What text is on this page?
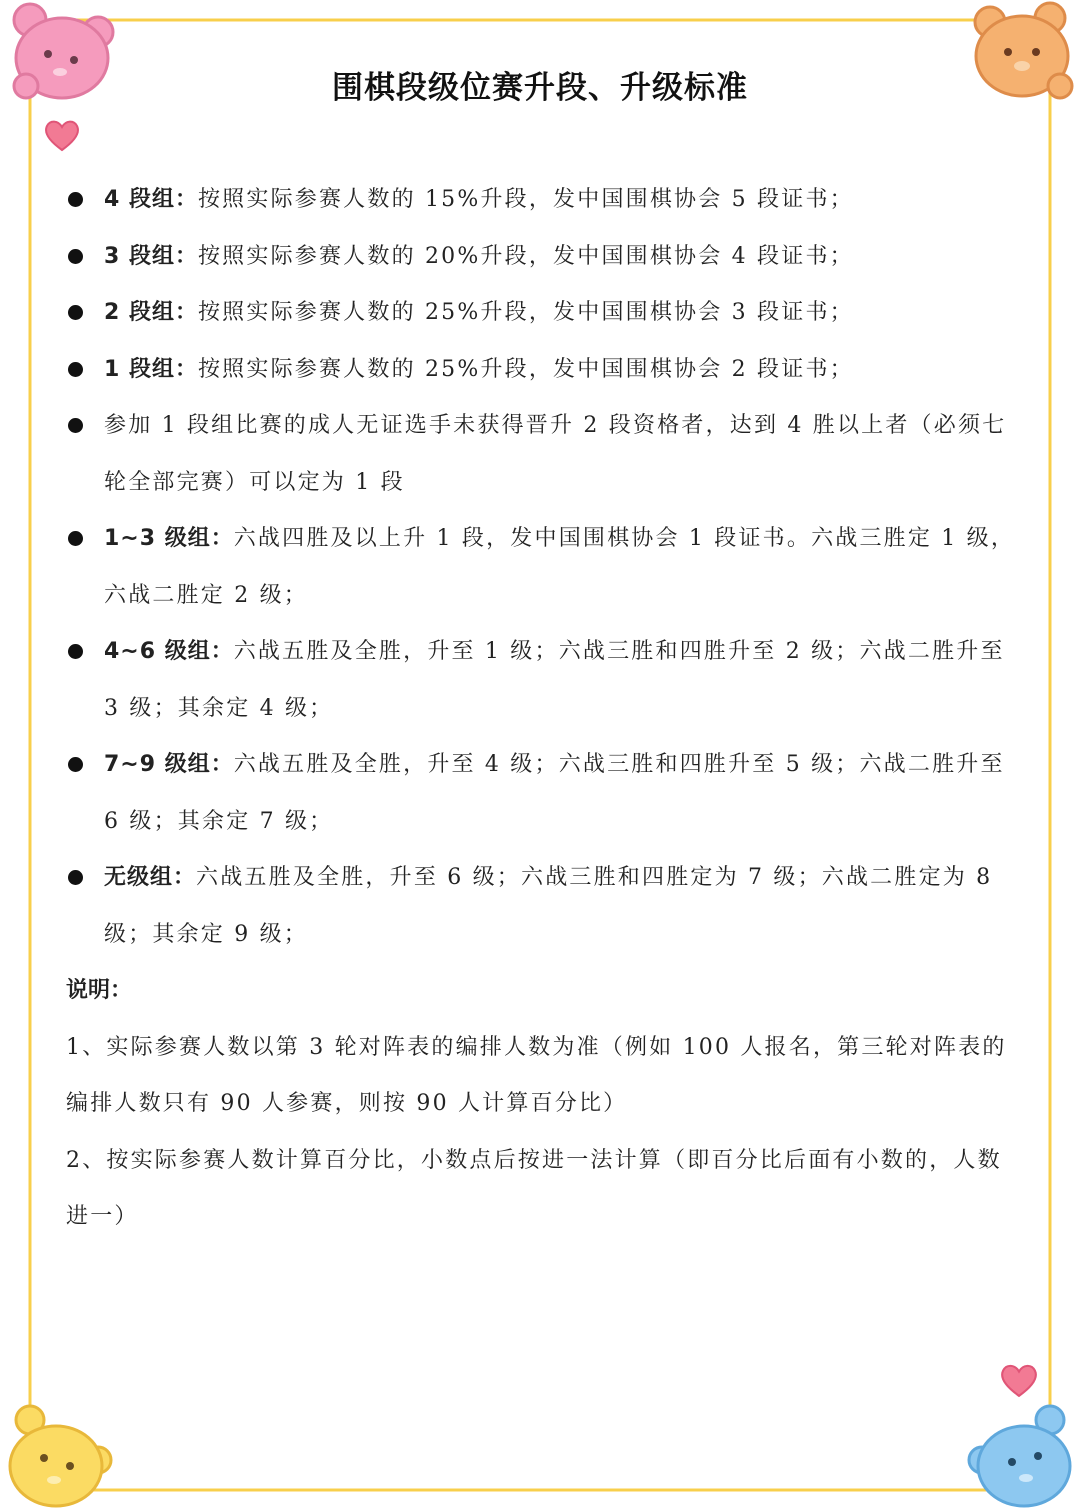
围棋段级位赛升段、升级标准
4 段组：按照实际参赛人数的 15%升段，发中国围棋协会 5 段证书；
3 段组：按照实际参赛人数的 20%升段，发中国围棋协会 4 段证书；
2 段组：按照实际参赛人数的 25%升段，发中国围棋协会 3 段证书；
1 段组：按照实际参赛人数的 25%升段，发中国围棋协会 2 段证书；
参加 1 段组比赛的成人无证选手未获得晋升 2 段资格者，达到 4 胜以上者（必须七轮全部完赛）可以定为 1 段
1~3 级组：六战四胜及以上升 1 段，发中国围棋协会 1 段证书。六战三胜定 1 级，六战二胜定 2 级；
4~6 级组：六战五胜及全胜，升至 1 级；六战三胜和四胜升至 2 级；六战二胜升至 3 级；其余定 4 级；
7~9 级组：六战五胜及全胜，升至 4 级；六战三胜和四胜升至 5 级；六战二胜升至 6 级；其余定 7 级；
无级组：六战五胜及全胜，升至 6 级；六战三胜和四胜定为 7 级；六战二胜定为 8 级；其余定 9 级；

说明：

1、实际参赛人数以第 3 轮对阵表的编排人数为准（例如 100 人报名，第三轮对阵表的编排人数只有 90 人参赛，则按 90 人计算百分比）

2、按实际参赛人数计算百分比，小数点后按进一法计算（即百分比后面有小数的，人数进一）
